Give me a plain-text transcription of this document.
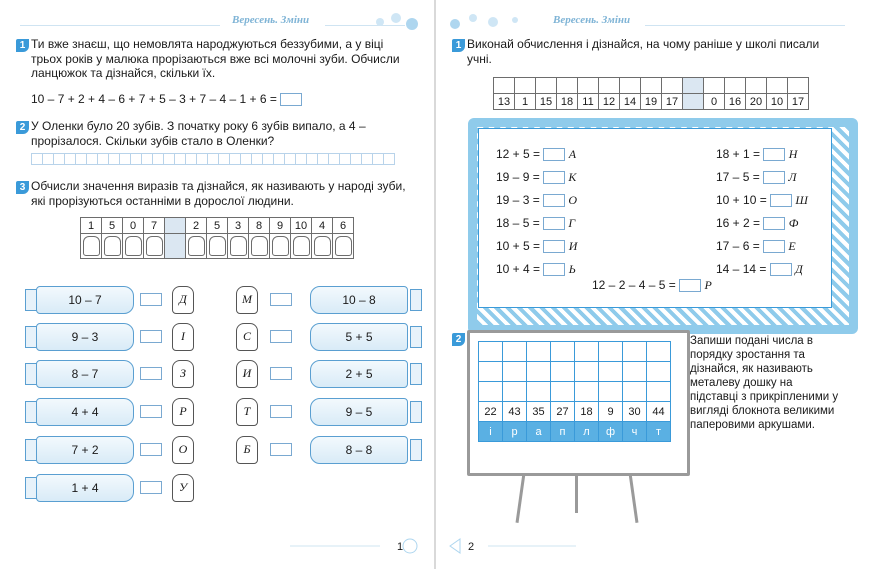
Вересень. Зміни
1 Ти вже знаєш, що немовлята народжуються беззубими, а у віці трьох років у малюка прорізаються вже всі молочні зуби. Обчисли ланцюжок та дізнайся, скільки їх.
10 – 7 + 2 + 4 – 6 + 7 + 5 – 3 + 7 – 4 – 1 + 6 =
2 У Оленки було 20 зубів. З початку року 6 зубів випало, а 4 – прорізалося. Скільки зубів стало в Оленки?
3 Обчисли значення виразів та дізнайся, як називають у народі зуби, які прорізуються останніми в дорослої людини.
1	5	0	7		2	5	3	8	9	10	4	6

10 – 7	Д
9 – 3	І
8 – 7	З
4 + 4	Р
7 + 2	О
1 + 4	У
М	10 – 8
С	5 + 5
И	2 + 5
Т	9 – 5
Б	8 – 8
Вересень. Зміни
1 Виконай обчислення і дізнайся, на чому раніше у школі писали учні.

13	1	15	18	11	12	14	19	17		0	16	20	10	17
12 + 5 = А
19 – 9 = К
19 – 3 = О
18 – 5 = Г
10 + 5 = И
10 + 4 = Ь
18 + 1 = Н
17 – 5 = Л
10 + 10 = Ш
16 + 2 = Ф
17 – 6 = Е
14 – 14 = Д
12 – 2 – 4 – 5 = Р
2

22	43	35	27	18	9	30	44
і	р	а	п	л	ф	ч	т
Запиши подані числа в порядку зростання та дізнайся, як називають металеву дошку на підставці з прикріпленими у вигляді блокнота великими паперовими аркушами.
1	2
